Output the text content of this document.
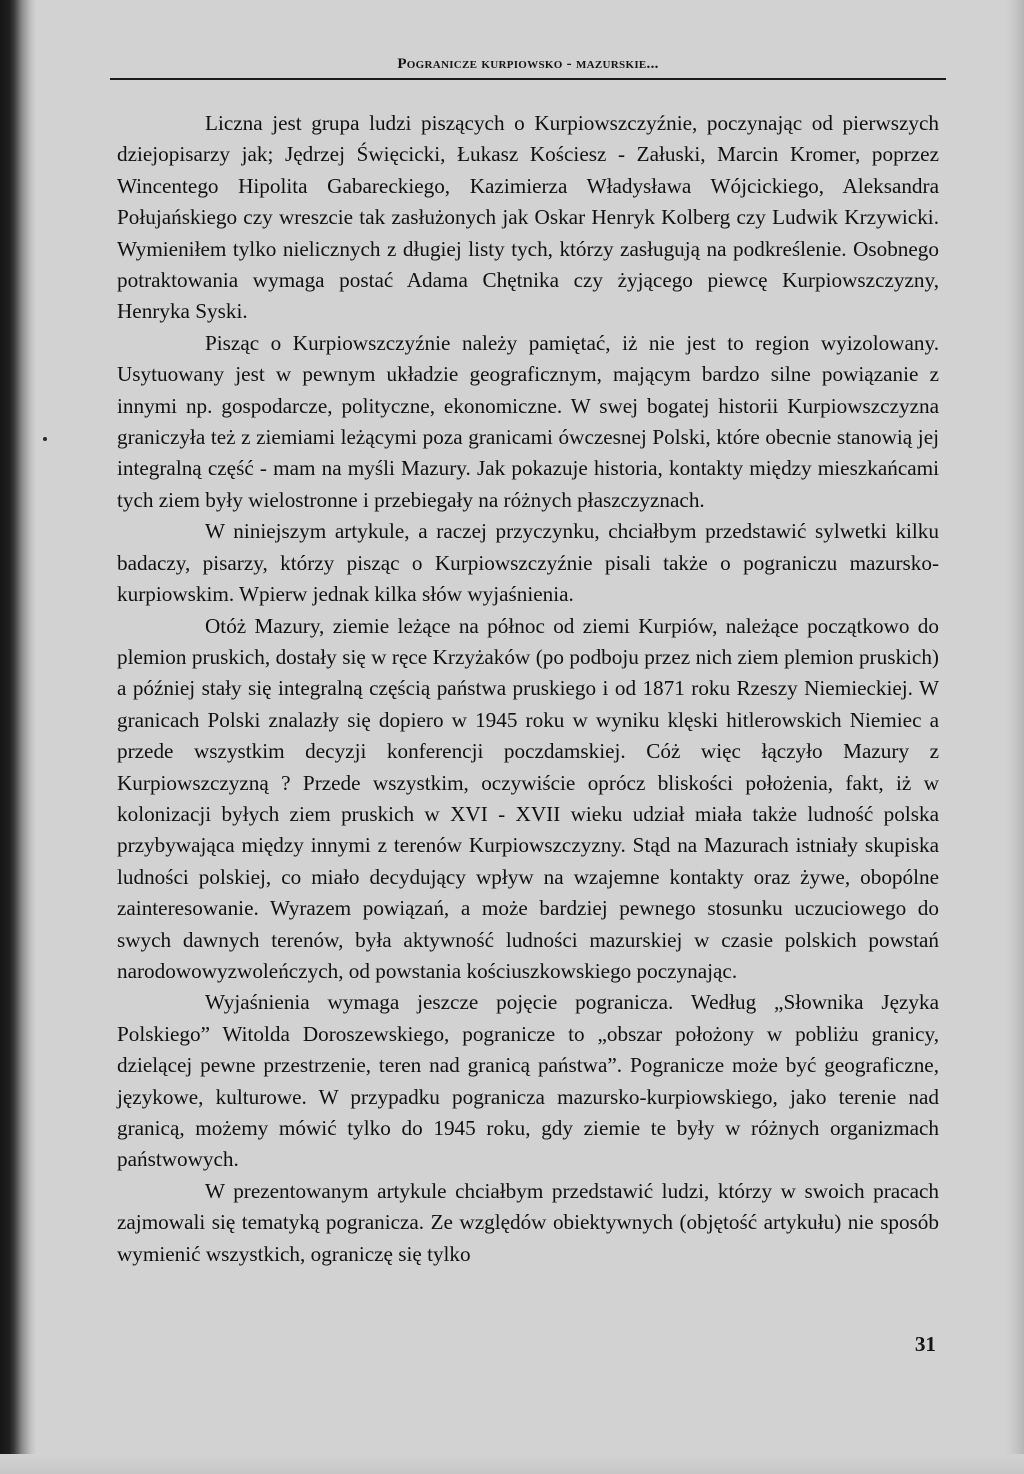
Pogranicze kurpiowsko - mazurskie...

Liczna jest grupa ludzi piszących o Kurpiowszczyźnie, poczynając od pierwszych dziejopisarzy jak; Jędrzej Święcicki, Łukasz Kościesz - Załuski, Marcin Kromer, poprzez Wincentego Hipolita Gabareckiego, Kazimierza Władysława Wójcickiego, Aleksandra Połujańskiego czy wreszcie tak zasłużonych jak Oskar Henryk Kolberg czy Ludwik Krzywicki. Wymieniłem tylko nielicznych z długiej listy tych, którzy zasługują na podkreślenie. Osobnego potraktowania wymaga postać Adama Chętnika czy żyjącego piewcę Kurpiowszczyzny, Henryka Syski.

Pisząc o Kurpiowszczyźnie należy pamiętać, iż nie jest to region wyizolowany. Usytuowany jest w pewnym układzie geograficznym, mającym bardzo silne powiązanie z innymi np. gospodarcze, polityczne, ekonomiczne. W swej bogatej historii Kurpiowszczyzna graniczyła też z ziemiami leżącymi poza granicami ówczesnej Polski, które obecnie stanowią jej integralną część - mam na myśli Mazury. Jak pokazuje historia, kontakty między mieszkańcami tych ziem były wielostronne i przebiegały na różnych płaszczyznach.

W niniejszym artykule, a raczej przyczynku, chciałbym przedstawić sylwetki kilku badaczy, pisarzy, którzy pisząc o Kurpiowszczyźnie pisali także o pograniczu mazursko-kurpiowskim. Wpierw jednak kilka słów wyjaśnienia.

Otóż Mazury, ziemie leżące na północ od ziemi Kurpiów, należące początkowo do plemion pruskich, dostały się w ręce Krzyżaków (po podboju przez nich ziem plemion pruskich) a później stały się integralną częścią państwa pruskiego i od 1871 roku Rzeszy Niemieckiej. W granicach Polski znalazły się dopiero w 1945 roku w wyniku klęski hitlerowskich Niemiec a przede wszystkim decyzji konferencji poczdamskiej. Cóż więc łączyło Mazury z Kurpiowszczyzną ? Przede wszystkim, oczywiście oprócz bliskości położenia, fakt, iż w kolonizacji byłych ziem pruskich w XVI - XVII wieku udział miała także ludność polska przybywająca między innymi z terenów Kurpiowszczyzny. Stąd na Mazurach istniały skupiska ludności polskiej, co miało decydujący wpływ na wzajemne kontakty oraz żywe, obopólne zainteresowanie. Wyrazem powiązań, a może bardziej pewnego stosunku uczuciowego do swych dawnych terenów, była aktywność ludności mazurskiej w czasie polskich powstań narodowowyzwoleńczych, od powstania kościuszkowskiego poczynając.

Wyjaśnienia wymaga jeszcze pojęcie pogranicza. Według „Słownika Języka Polskiego” Witolda Doroszewskiego, pogranicze to „obszar położony w pobliżu granicy, dzielącej pewne przestrzenie, teren nad granicą państwa”. Pogranicze może być geograficzne, językowe, kulturowe. W przypadku pogranicza mazursko-kurpiowskiego, jako terenie nad granicą, możemy mówić tylko do 1945 roku, gdy ziemie te były w różnych organizmach państwowych.

W prezentowanym artykule chciałbym przedstawić ludzi, którzy w swoich pracach zajmowali się tematyką pogranicza. Ze względów obiektywnych (objętość artykułu) nie sposób wymienić wszystkich, ograniczę się tylko

31
